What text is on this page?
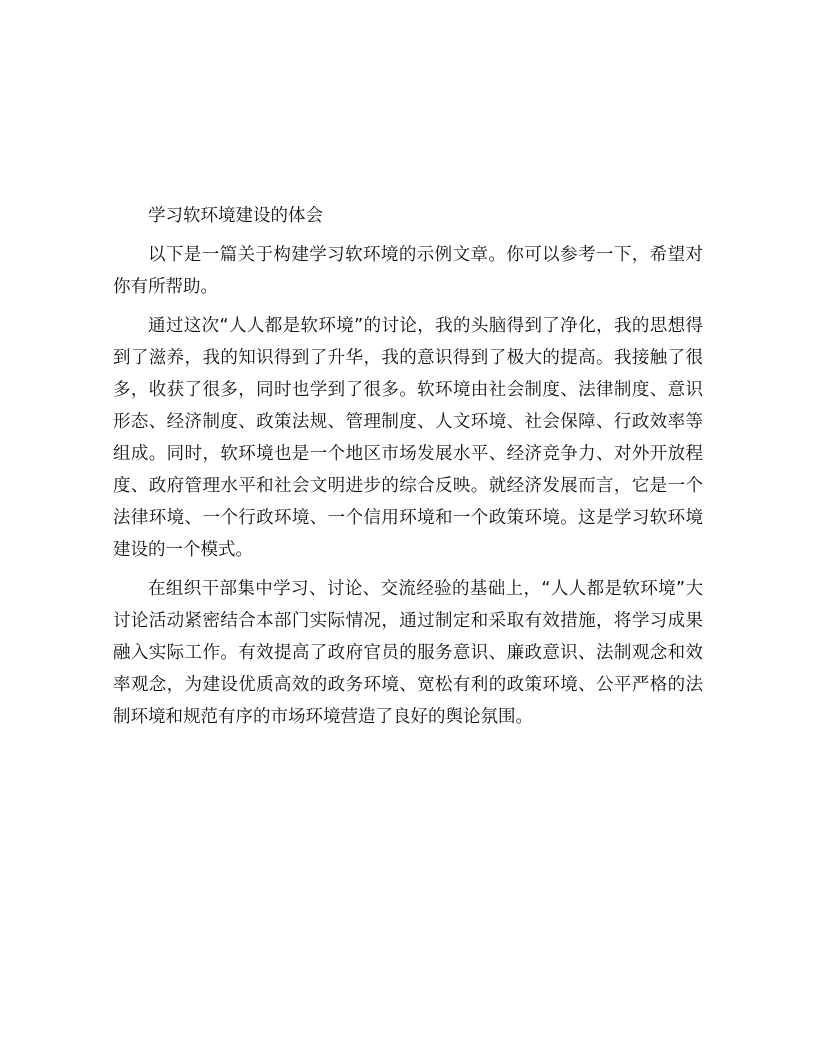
学习软环境建设的体会

以下是一篇关于构建学习软环境的示例文章。你可以参考一下，希望对你有所帮助。

通过这次“人人都是软环境”的讨论，我的头脑得到了净化，我的思想得到了滋养，我的知识得到了升华，我的意识得到了极大的提高。我接触了很多，收获了很多，同时也学到了很多。软环境由社会制度、法律制度、意识形态、经济制度、政策法规、管理制度、人文环境、社会保障、行政效率等组成。同时，软环境也是一个地区市场发展水平、经济竞争力、对外开放程度、政府管理水平和社会文明进步的综合反映。就经济发展而言，它是一个法律环境、一个行政环境、一个信用环境和一个政策环境。这是学习软环境建设的一个模式。

在组织干部集中学习、讨论、交流经验的基础上，“人人都是软环境”大讨论活动紧密结合本部门实际情况，通过制定和采取有效措施，将学习成果融入实际工作。有效提高了政府官员的服务意识、廉政意识、法制观念和效率观念，为建设优质高效的政务环境、宽松有利的政策环境、公平严格的法制环境和规范有序的市场环境营造了良好的舆论氛围。
